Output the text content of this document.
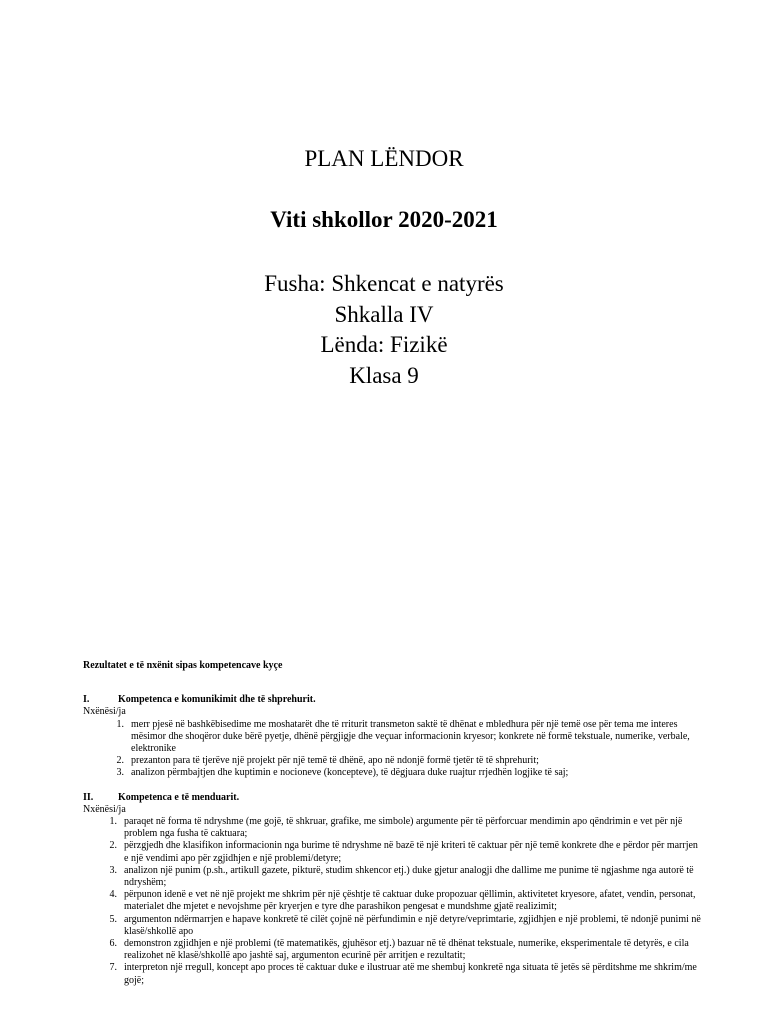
PLAN LËNDOR
Viti shkollor 2020-2021
Fusha: Shkencat e natyrës
Shkalla IV
Lënda: Fizikë
Klasa 9

Rezultatet e të nxënit sipas kompetencave kyçe

I.	Kompetenca e komunikimit dhe të shprehurit.

Nxënësi/ja

1. merr pjesë në bashkëbisedime me moshatarët dhe të rriturit transmeton saktë të dhënat e mbledhura për një temë ose për tema me interes mësimor dhe shoqëror duke bërë pyetje, dhënë përgjigje dhe veçuar informacionin kryesor; konkrete në formë tekstuale, numerike, verbale, elektronike
2. prezanton para të tjerëve një projekt për një temë të dhënë, apo në ndonjë formë tjetër të të shprehurit;
3. analizon përmbajtjen dhe kuptimin e nocioneve (koncepteve), të dëgjuara duke ruajtur rrjedhën logjike të saj;
II.	Kompetenca e të menduarit.

Nxënësi/ja

1. paraqet në forma të ndryshme (me gojë, të shkruar, grafike, me simbole) argumente për të përforcuar mendimin apo qëndrimin e vet për një problem nga fusha të caktuara;
2. përzgjedh dhe klasifikon informacionin nga burime të ndryshme në bazë të një kriteri të caktuar për një temë konkrete dhe e përdor për marrjen e një vendimi apo për zgjidhjen e një problemi/detyre;
3. analizon një punim (p.sh., artikull gazete, pikturë, studim shkencor etj.) duke gjetur analogji dhe dallime me punime të ngjashme nga autorë të ndryshëm;
4. përpunon idenë e vet në një projekt me shkrim për një çështje të caktuar duke propozuar qëllimin, aktivitetet kryesore, afatet, vendin, personat, materialet dhe mjetet e nevojshme për kryerjen e tyre dhe parashikon pengesat e mundshme gjatë realizimit;
5. argumenton ndërmarrjen e hapave konkretë të cilët çojnë në përfundimin e një detyre/veprimtarie, zgjidhjen e një problemi, të ndonjë punimi në klasë/shkollë apo
6. demonstron zgjidhjen e një problemi (të matematikës, gjuhësor etj.) bazuar në të dhënat tekstuale, numerike, eksperimentale të detyrës, e cila realizohet në klasë/shkollë apo jashtë saj, argumenton ecurinë për arritjen e rezultatit;
7. interpreton një rregull, koncept apo proces të caktuar duke e ilustruar atë me shembuj konkretë nga situata të jetës së përditshme me shkrim/me gojë;
